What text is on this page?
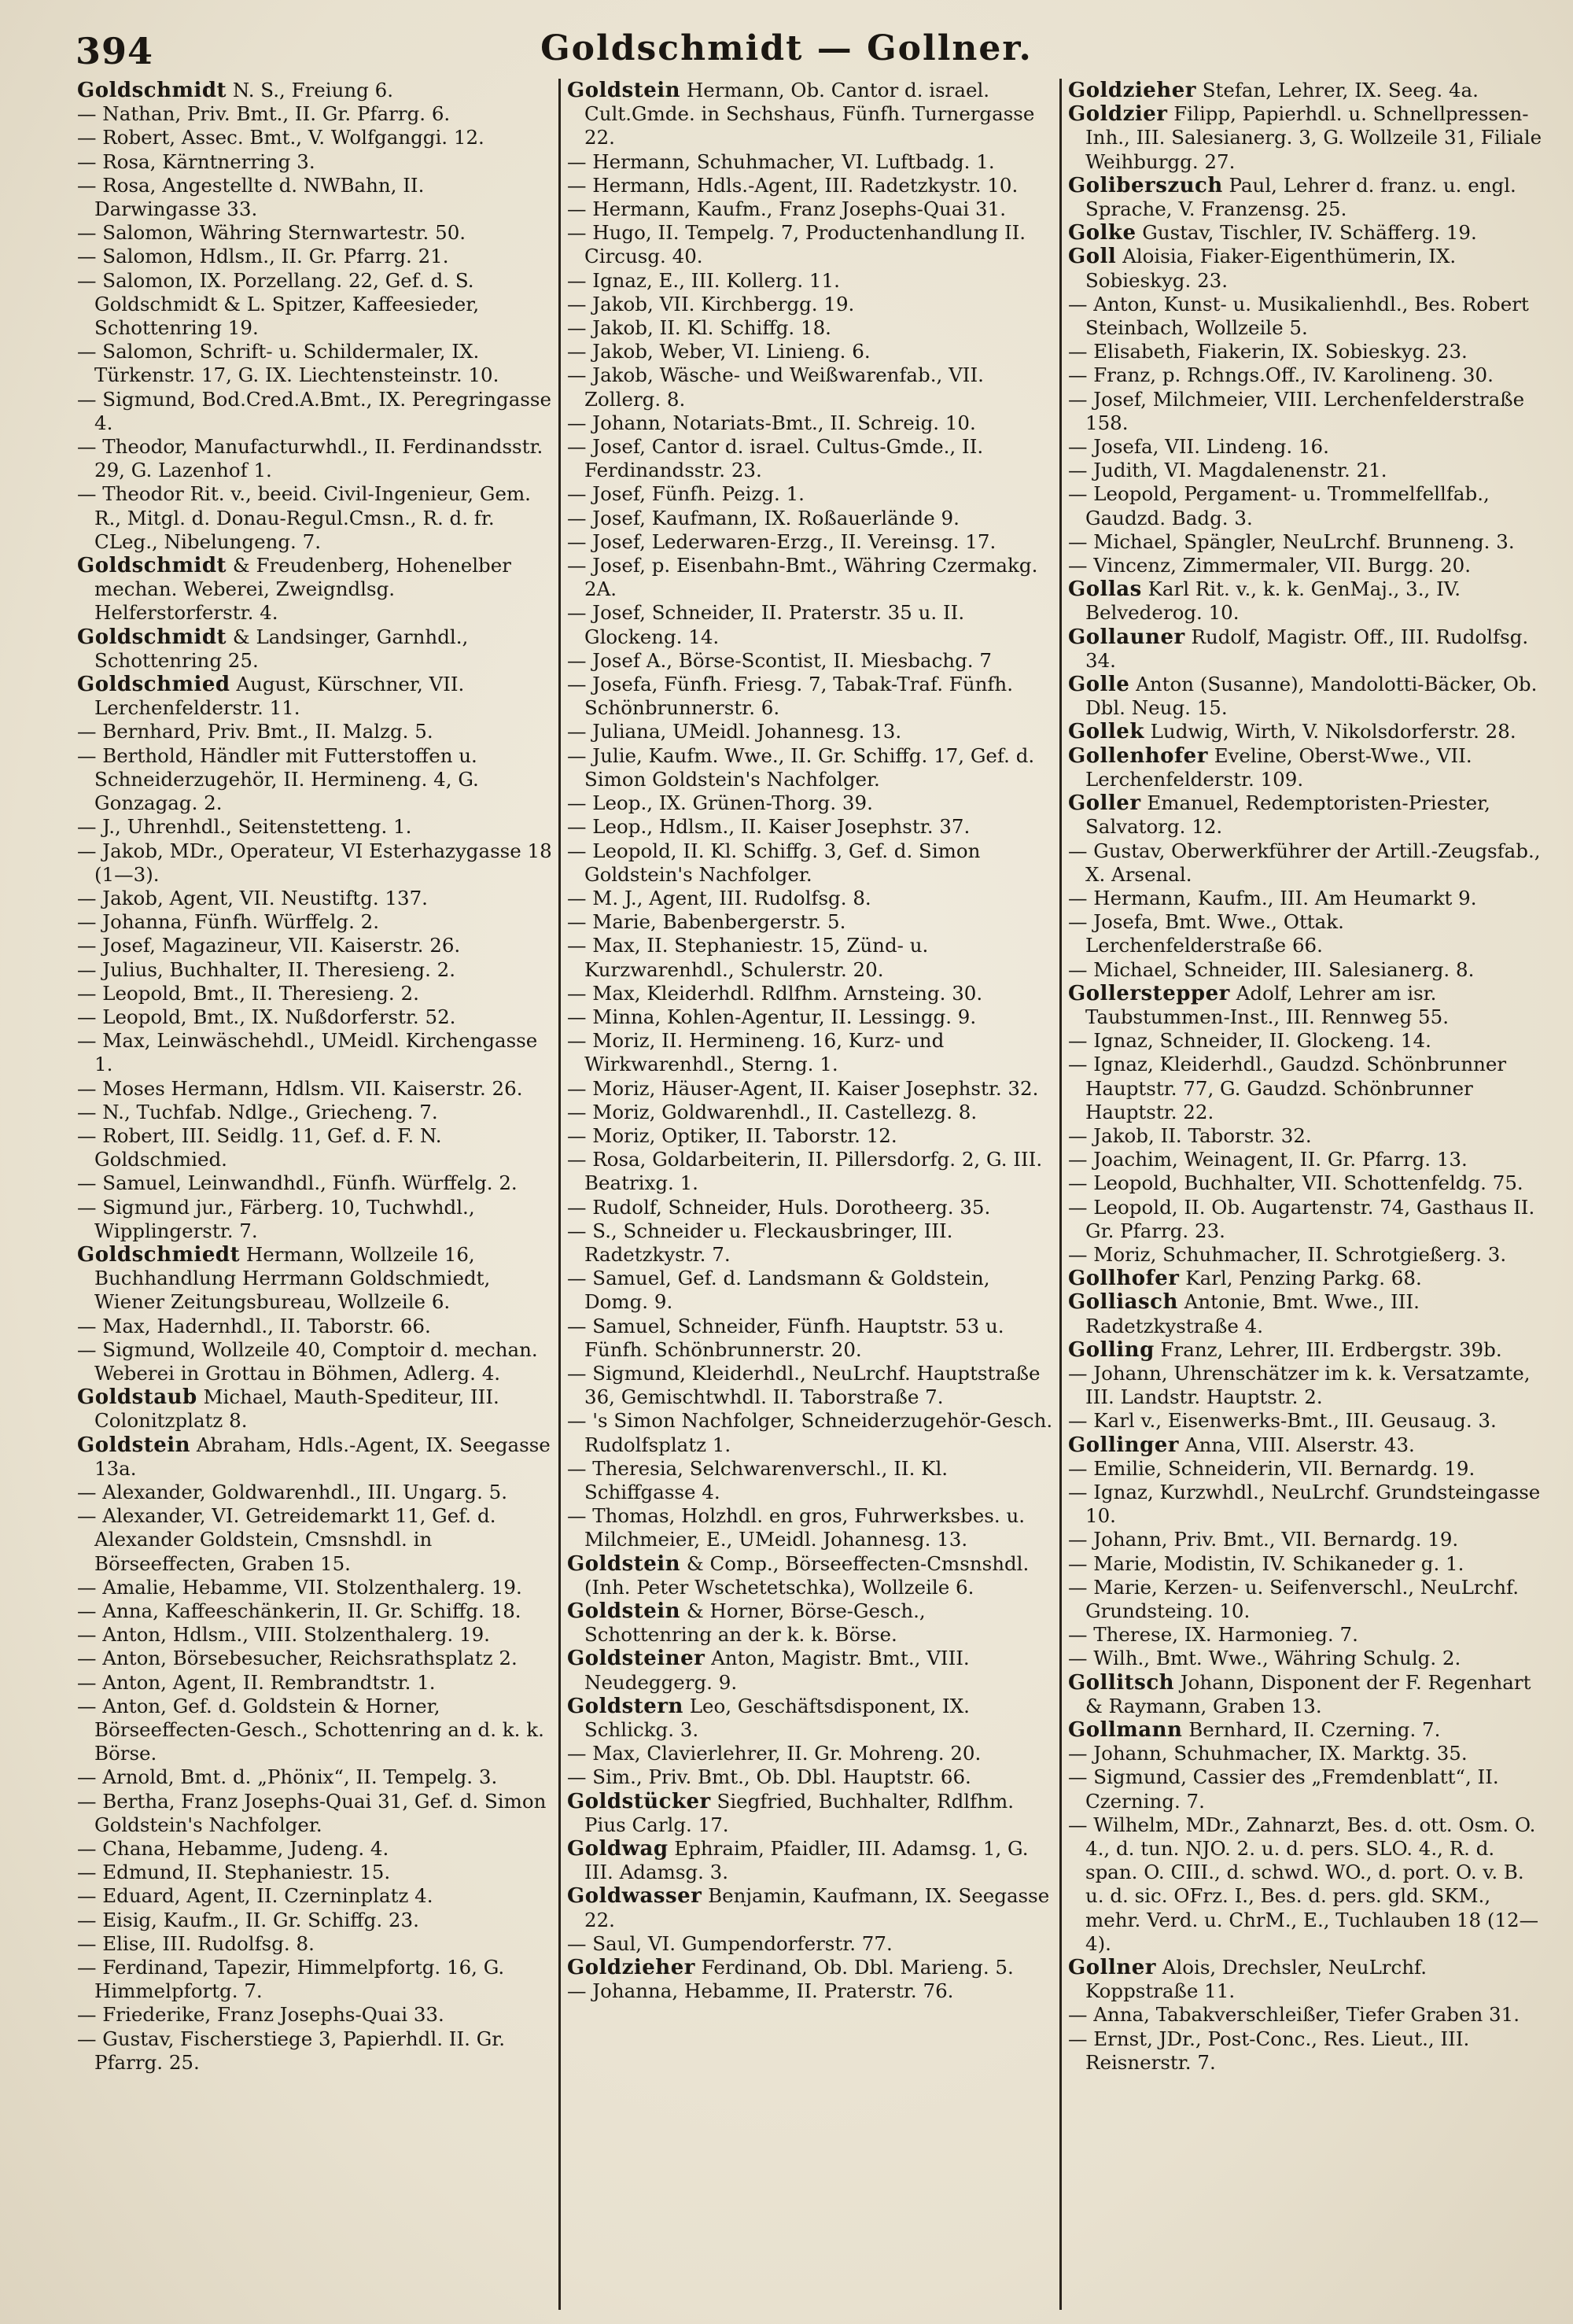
394	Goldschmidt — Gollner.

Goldschmidt N. S., Freiung 6.

— Nathan, Priv. Bmt., II. Gr. Pfarrg. 6.

— Robert, Assec. Bmt., V. Wolfganggi. 12.

— Rosa, Kärntnerring 3.

— Rosa, Angestellte d. NWBahn, II. Darwingasse 33.

— Salomon, Währing Sternwartestr. 50.

— Salomon, Hdlsm., II. Gr. Pfarrg. 21.

— Salomon, IX. Porzellang. 22, Gef. d. S. Goldschmidt & L. Spitzer, Kaffeesieder, Schottenring 19.

— Salomon, Schrift- u. Schildermaler, IX. Türkenstr. 17, G. IX. Liechtensteinstr. 10.

— Sigmund, Bod.Cred.A.Bmt., IX. Peregringasse 4.

— Theodor, Manufacturwhdl., II. Ferdinandsstr. 29, G. Lazenhof 1.

— Theodor Rit. v., beeid. Civil-Ingenieur, Gem. R., Mitgl. d. Donau-Regul.Cmsn., R. d. fr. CLeg., Nibelungeng. 7.

Goldschmidt & Freudenberg, Hohenelber mechan. Weberei, Zweigndlsg. Helferstorferstr. 4.

Goldschmidt & Landsinger, Garnhdl., Schottenring 25.

Goldschmied August, Kürschner, VII. Lerchenfelderstr. 11.

— Bernhard, Priv. Bmt., II. Malzg. 5.

— Berthold, Händler mit Futterstoffen u. Schneiderzugehör, II. Hermineng. 4, G. Gonzagag. 2.

— J., Uhrenhdl., Seitenstetteng. 1.

— Jakob, MDr., Operateur, VI Esterhazygasse 18 (1—3).

— Jakob, Agent, VII. Neustiftg. 137.

— Johanna, Fünfh. Würffelg. 2.

— Josef, Magazineur, VII. Kaiserstr. 26.

— Julius, Buchhalter, II. Theresieng. 2.

— Leopold, Bmt., II. Theresieng. 2.

— Leopold, Bmt., IX. Nußdorferstr. 52.

— Max, Leinwäschehdl., UMeidl. Kirchengasse 1.

— Moses Hermann, Hdlsm. VII. Kaiserstr. 26.

— N., Tuchfab. Ndlge., Griecheng. 7.

— Robert, III. Seidlg. 11, Gef. d. F. N. Goldschmied.

— Samuel, Leinwandhdl., Fünfh. Würffelg. 2.

— Sigmund jur., Färberg. 10, Tuchwhdl., Wipplingerstr. 7.

Goldschmiedt Hermann, Wollzeile 16, Buchhandlung Herrmann Goldschmiedt, Wiener Zeitungsbureau, Wollzeile 6.

— Max, Hadernhdl., II. Taborstr. 66.

— Sigmund, Wollzeile 40, Comptoir d. mechan. Weberei in Grottau in Böhmen, Adlerg. 4.

Goldstaub Michael, Mauth-Spediteur, III. Colonitzplatz 8.

Goldstein Abraham, Hdls.-Agent, IX. Seegasse 13a.

— Alexander, Goldwarenhdl., III. Ungarg. 5.

— Alexander, VI. Getreidemarkt 11, Gef. d. Alexander Goldstein, Cmsnshdl. in Börseeffecten, Graben 15.

— Amalie, Hebamme, VII. Stolzenthalerg. 19.

— Anna, Kaffeeschänkerin, II. Gr. Schiffg. 18.

— Anton, Hdlsm., VIII. Stolzenthalerg. 19.

— Anton, Börsebesucher, Reichsrathsplatz 2.

— Anton, Agent, II. Rembrandtstr. 1.

— Anton, Gef. d. Goldstein & Horner, Börseeffecten-Gesch., Schottenring an d. k. k. Börse.

— Arnold, Bmt. d. „Phönix“, II. Tempelg. 3.

— Bertha, Franz Josephs-Quai 31, Gef. d. Simon Goldstein's Nachfolger.

— Chana, Hebamme, Judeng. 4.

— Edmund, II. Stephaniestr. 15.

— Eduard, Agent, II. Czerninplatz 4.

— Eisig, Kaufm., II. Gr. Schiffg. 23.

— Elise, III. Rudolfsg. 8.

— Ferdinand, Tapezir, Himmelpfortg. 16, G. Himmelpfortg. 7.

— Friederike, Franz Josephs-Quai 33.

— Gustav, Fischerstiege 3, Papierhdl. II. Gr. Pfarrg. 25.

Goldstein Hermann, Ob. Cantor d. israel. Cult.Gmde. in Sechshaus, Fünfh. Turnergasse 22.

— Hermann, Schuhmacher, VI. Luftbadg. 1.

— Hermann, Hdls.-Agent, III. Radetzkystr. 10.

— Hermann, Kaufm., Franz Josephs-Quai 31.

— Hugo, II. Tempelg. 7, Productenhandlung II. Circusg. 40.

— Ignaz, E., III. Kollerg. 11.

— Jakob, VII. Kirchbergg. 19.

— Jakob, II. Kl. Schiffg. 18.

— Jakob, Weber, VI. Linieng. 6.

— Jakob, Wäsche- und Weißwarenfab., VII. Zollerg. 8.

— Johann, Notariats-Bmt., II. Schreig. 10.

— Josef, Cantor d. israel. Cultus-Gmde., II. Ferdinandsstr. 23.

— Josef, Fünfh. Peizg. 1.

— Josef, Kaufmann, IX. Roßauerlände 9.

— Josef, Lederwaren-Erzg., II. Vereinsg. 17.

— Josef, p. Eisenbahn-Bmt., Währing Czermakg. 2A.

— Josef, Schneider, II. Praterstr. 35 u. II. Glockeng. 14.

— Josef A., Börse-Scontist, II. Miesbachg. 7

— Josefa, Fünfh. Friesg. 7, Tabak-Traf. Fünfh. Schönbrunnerstr. 6.

— Juliana, UMeidl. Johannesg. 13.

— Julie, Kaufm. Wwe., II. Gr. Schiffg. 17, Gef. d. Simon Goldstein's Nachfolger.

— Leop., IX. Grünen-Thorg. 39.

— Leop., Hdlsm., II. Kaiser Josephstr. 37.

— Leopold, II. Kl. Schiffg. 3, Gef. d. Simon Goldstein's Nachfolger.

— M. J., Agent, III. Rudolfsg. 8.

— Marie, Babenbergerstr. 5.

— Max, II. Stephaniestr. 15, Zünd- u. Kurzwarenhdl., Schulerstr. 20.

— Max, Kleiderhdl. Rdlfhm. Arnsteing. 30.

— Minna, Kohlen-Agentur, II. Lessingg. 9.

— Moriz, II. Hermineng. 16, Kurz- und Wirkwarenhdl., Sterng. 1.

— Moriz, Häuser-Agent, II. Kaiser Josephstr. 32.

— Moriz, Goldwarenhdl., II. Castellezg. 8.

— Moriz, Optiker, II. Taborstr. 12.

— Rosa, Goldarbeiterin, II. Pillersdorfg. 2, G. III. Beatrixg. 1.

— Rudolf, Schneider, Huls. Dorotheerg. 35.

— S., Schneider u. Fleckausbringer, III. Radetzkystr. 7.

— Samuel, Gef. d. Landsmann & Goldstein, Domg. 9.

— Samuel, Schneider, Fünfh. Hauptstr. 53 u. Fünfh. Schönbrunnerstr. 20.

— Sigmund, Kleiderhdl., NeuLrchf. Hauptstraße 36, Gemischtwhdl. II. Taborstraße 7.

— 's Simon Nachfolger, Schneiderzugehör-Gesch. Rudolfsplatz 1.

— Theresia, Selchwarenverschl., II. Kl. Schiffgasse 4.

— Thomas, Holzhdl. en gros, Fuhrwerksbes. u. Milchmeier, E., UMeidl. Johannesg. 13.

Goldstein & Comp., Börseeffecten-Cmsnshdl. (Inh. Peter Wschetetschka), Wollzeile 6.

Goldstein & Horner, Börse-Gesch., Schottenring an der k. k. Börse.

Goldsteiner Anton, Magistr. Bmt., VIII. Neudeggerg. 9.

Goldstern Leo, Geschäftsdisponent, IX. Schlickg. 3.

— Max, Clavierlehrer, II. Gr. Mohreng. 20.

— Sim., Priv. Bmt., Ob. Dbl. Hauptstr. 66.

Goldstücker Siegfried, Buchhalter, Rdlfhm. Pius Carlg. 17.

Goldwag Ephraim, Pfaidler, III. Adamsg. 1, G. III. Adamsg. 3.

Goldwasser Benjamin, Kaufmann, IX. Seegasse 22.

— Saul, VI. Gumpendorferstr. 77.

Goldzieher Ferdinand, Ob. Dbl. Marieng. 5.

— Johanna, Hebamme, II. Praterstr. 76.

Goldzieher Stefan, Lehrer, IX. Seeg. 4a.

Goldzier Filipp, Papierhdl. u. Schnellpressen-Inh., III. Salesianerg. 3, G. Wollzeile 31, Filiale Weihburgg. 27.

Goliberszuch Paul, Lehrer d. franz. u. engl. Sprache, V. Franzensg. 25.

Golke Gustav, Tischler, IV. Schäfferg. 19.

Goll Aloisia, Fiaker-Eigenthümerin, IX. Sobieskyg. 23.

— Anton, Kunst- u. Musikalienhdl., Bes. Robert Steinbach, Wollzeile 5.

— Elisabeth, Fiakerin, IX. Sobieskyg. 23.

— Franz, p. Rchngs.Off., IV. Karolineng. 30.

— Josef, Milchmeier, VIII. Lerchenfelderstraße 158.

— Josefa, VII. Lindeng. 16.

— Judith, VI. Magdalenenstr. 21.

— Leopold, Pergament- u. Trommelfellfab., Gaudzd. Badg. 3.

— Michael, Spängler, NeuLrchf. Brunneng. 3.

— Vincenz, Zimmermaler, VII. Burgg. 20.

Gollas Karl Rit. v., k. k. GenMaj., 3., IV. Belvederog. 10.

Gollauner Rudolf, Magistr. Off., III. Rudolfsg. 34.

Golle Anton (Susanne), Mandolotti-Bäcker, Ob. Dbl. Neug. 15.

Gollek Ludwig, Wirth, V. Nikolsdorferstr. 28.

Gollenhofer Eveline, Oberst-Wwe., VII. Lerchenfelderstr. 109.

Goller Emanuel, Redemptoristen-Priester, Salvatorg. 12.

— Gustav, Oberwerkführer der Artill.-Zeugsfab., X. Arsenal.

— Hermann, Kaufm., III. Am Heumarkt 9.

— Josefa, Bmt. Wwe., Ottak. Lerchenfelderstraße 66.

— Michael, Schneider, III. Salesianerg. 8.

Gollerstepper Adolf, Lehrer am isr. Taubstummen-Inst., III. Rennweg 55.

— Ignaz, Schneider, II. Glockeng. 14.

— Ignaz, Kleiderhdl., Gaudzd. Schönbrunner Hauptstr. 77, G. Gaudzd. Schönbrunner Hauptstr. 22.

— Jakob, II. Taborstr. 32.

— Joachim, Weinagent, II. Gr. Pfarrg. 13.

— Leopold, Buchhalter, VII. Schottenfeldg. 75.

— Leopold, II. Ob. Augartenstr. 74, Gasthaus II. Gr. Pfarrg. 23.

— Moriz, Schuhmacher, II. Schrotgießerg. 3.

Gollhofer Karl, Penzing Parkg. 68.

Golliasch Antonie, Bmt. Wwe., III. Radetzkystraße 4.

Golling Franz, Lehrer, III. Erdbergstr. 39b.

— Johann, Uhrenschätzer im k. k. Versatzamte, III. Landstr. Hauptstr. 2.

— Karl v., Eisenwerks-Bmt., III. Geusaug. 3.

Gollinger Anna, VIII. Alserstr. 43.

— Emilie, Schneiderin, VII. Bernardg. 19.

— Ignaz, Kurzwhdl., NeuLrchf. Grundsteingasse 10.

— Johann, Priv. Bmt., VII. Bernardg. 19.

— Marie, Modistin, IV. Schikaneder g. 1.

— Marie, Kerzen- u. Seifenverschl., NeuLrchf. Grundsteing. 10.

— Therese, IX. Harmonieg. 7.

— Wilh., Bmt. Wwe., Währing Schulg. 2.

Gollitsch Johann, Disponent der F. Regenhart & Raymann, Graben 13.

Gollmann Bernhard, II. Czerning. 7.

— Johann, Schuhmacher, IX. Marktg. 35.

— Sigmund, Cassier des „Fremdenblatt“, II. Czerning. 7.

— Wilhelm, MDr., Zahnarzt, Bes. d. ott. Osm. O. 4., d. tun. NJO. 2. u. d. pers. SLO. 4., R. d. span. O. CIII., d. schwd. WO., d. port. O. v. B. u. d. sic. OFrz. I., Bes. d. pers. gld. SKM., mehr. Verd. u. ChrM., E., Tuchlauben 18 (12—4).

Gollner Alois, Drechsler, NeuLrchf. Koppstraße 11.

— Anna, Tabakverschleißer, Tiefer Graben 31.

— Ernst, JDr., Post-Conc., Res. Lieut., III. Reisnerstr. 7.
